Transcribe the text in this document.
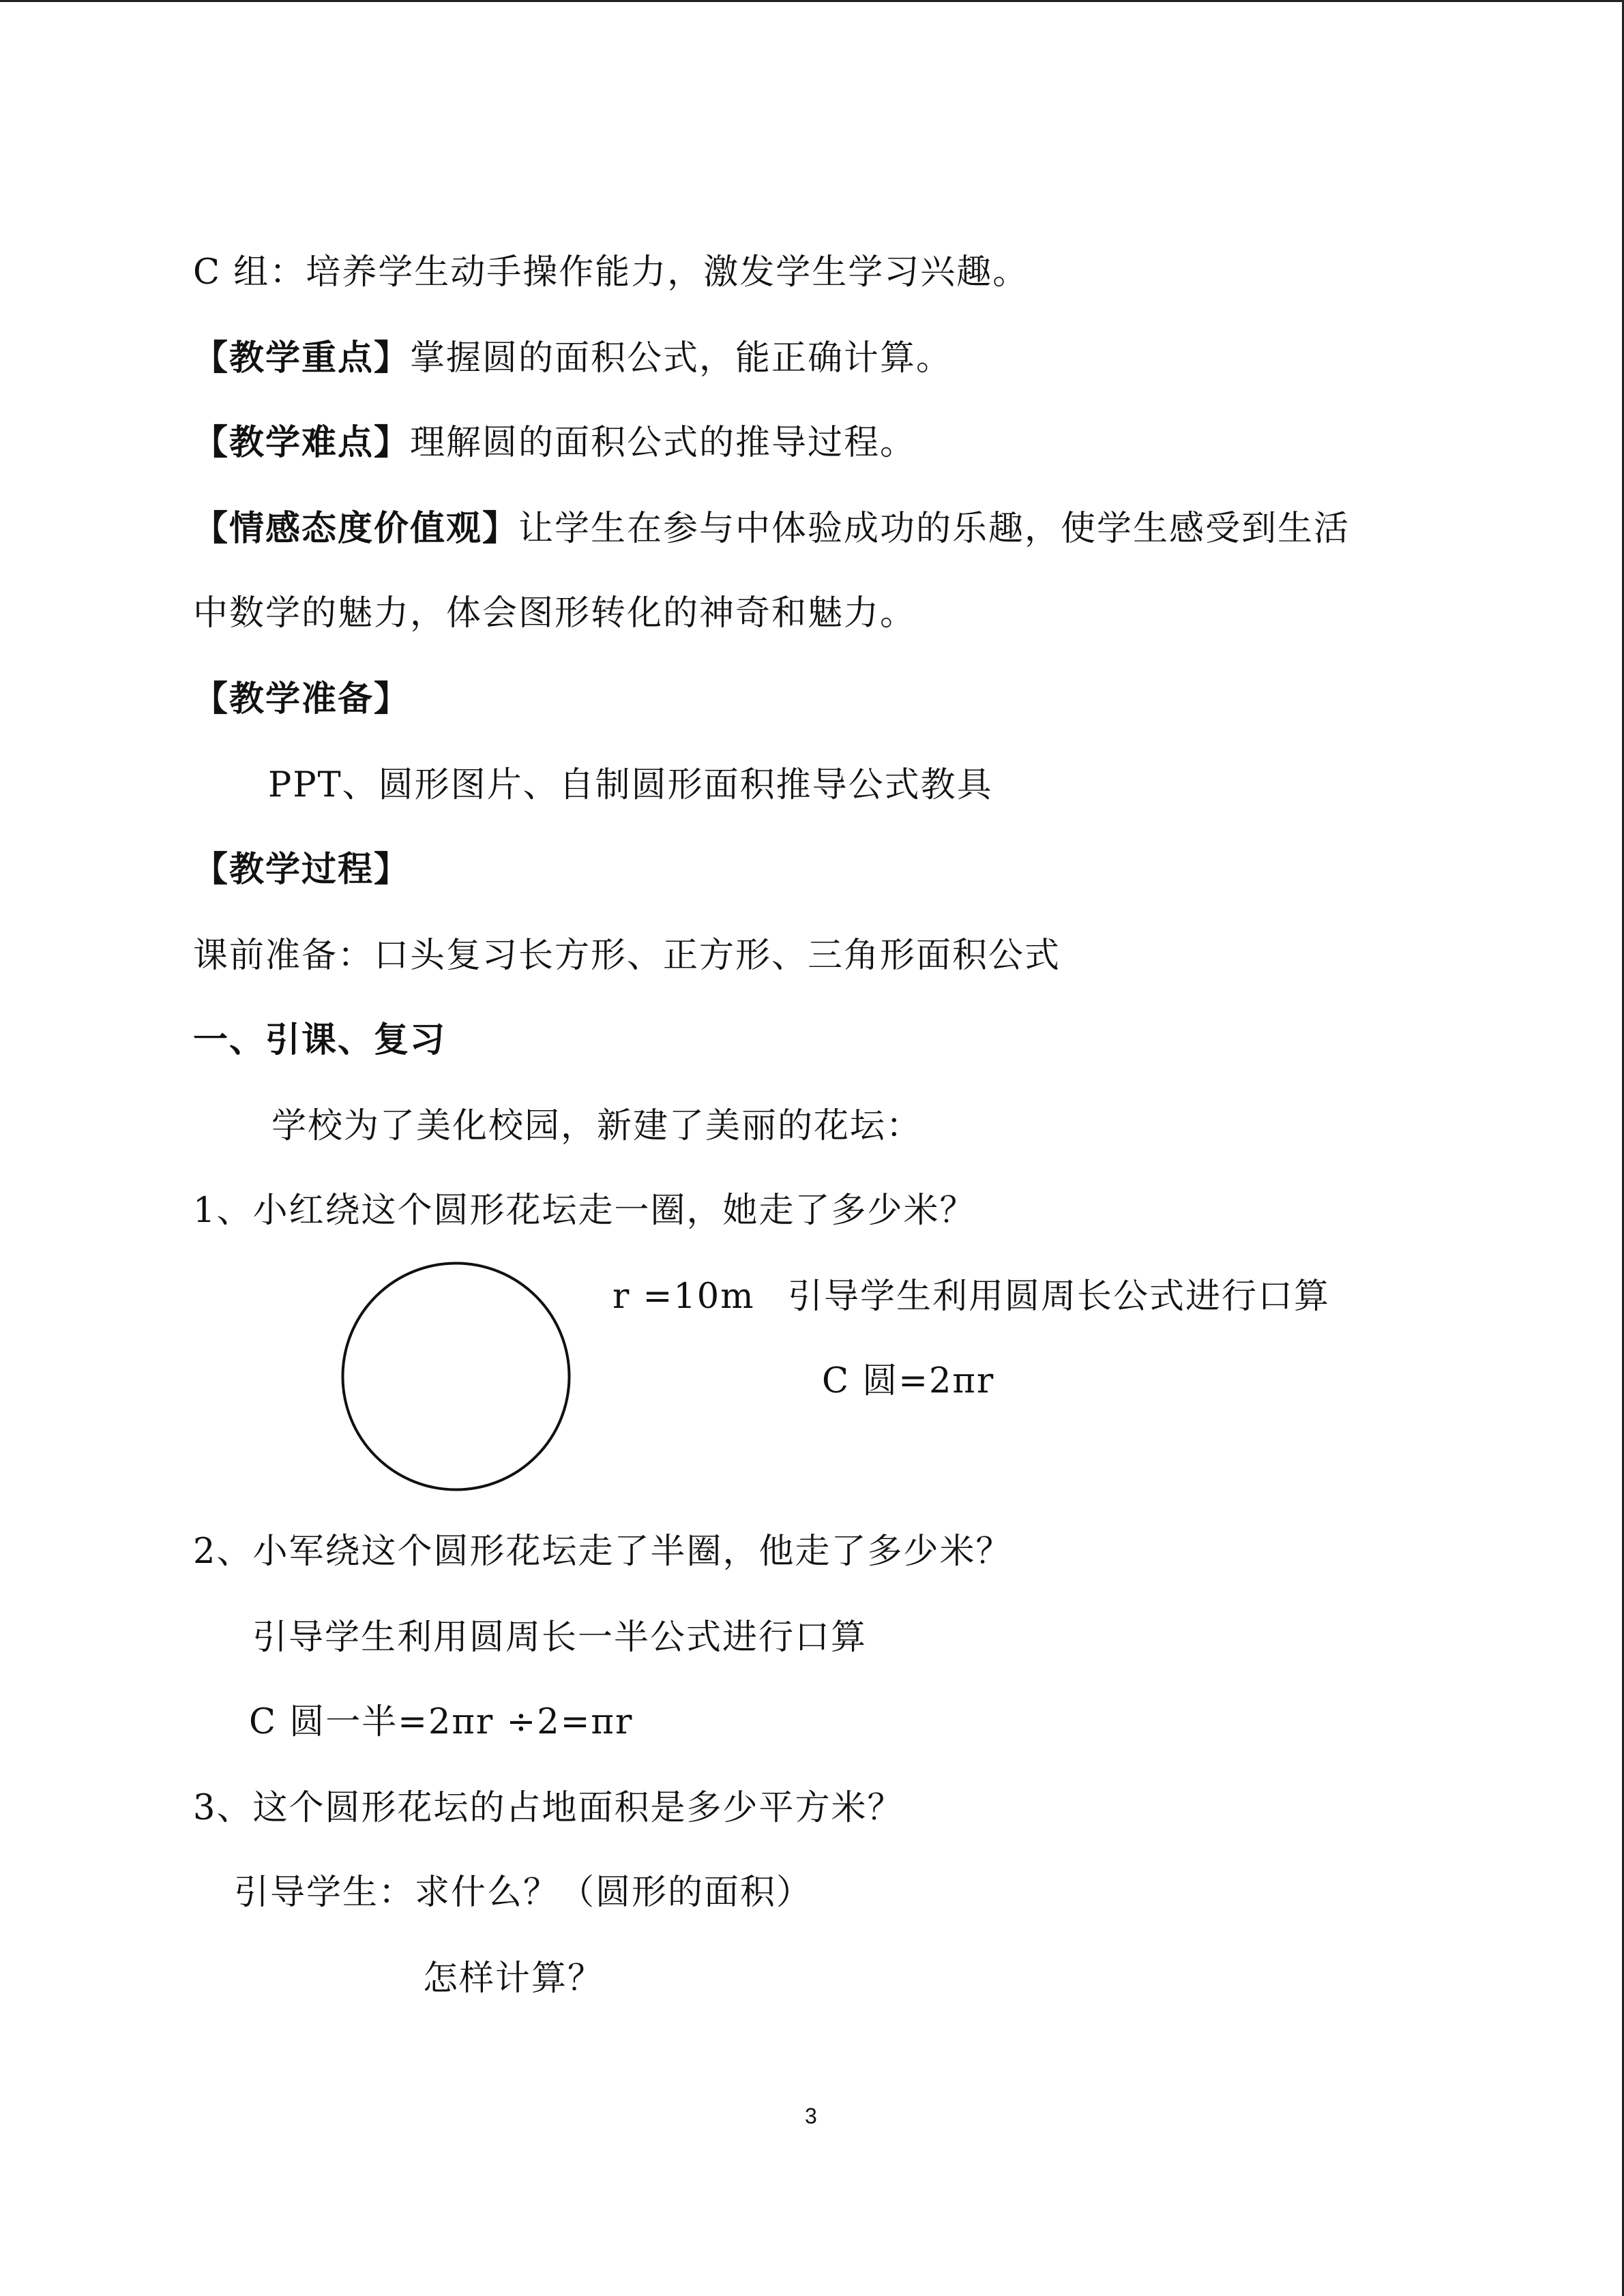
C 组：培养学生动手操作能力，激发学生学习兴趣。
【教学重点】掌握圆的面积公式，能正确计算。
【教学难点】理解圆的面积公式的推导过程。
【情感态度价值观】让学生在参与中体验成功的乐趣，使学生感受到生活
中数学的魅力，体会图形转化的神奇和魅力。
【教学准备】
PPT、圆形图片、自制圆形面积推导公式教具
【教学过程】
课前准备：口头复习长方形、正方形、三角形面积公式
一、引课、复习
学校为了美化校园，新建了美丽的花坛：
1、小红绕这个圆形花坛走一圈，她走了多少米？
r =10m 引导学生利用圆周长公式进行口算
C 圆=2πr
2、小军绕这个圆形花坛走了半圈，他走了多少米？
引导学生利用圆周长一半公式进行口算
C 圆一半=2πr ÷2=πr
3、这个圆形花坛的占地面积是多少平方米？
引导学生：求什么？（圆形的面积）
怎样计算？
3
